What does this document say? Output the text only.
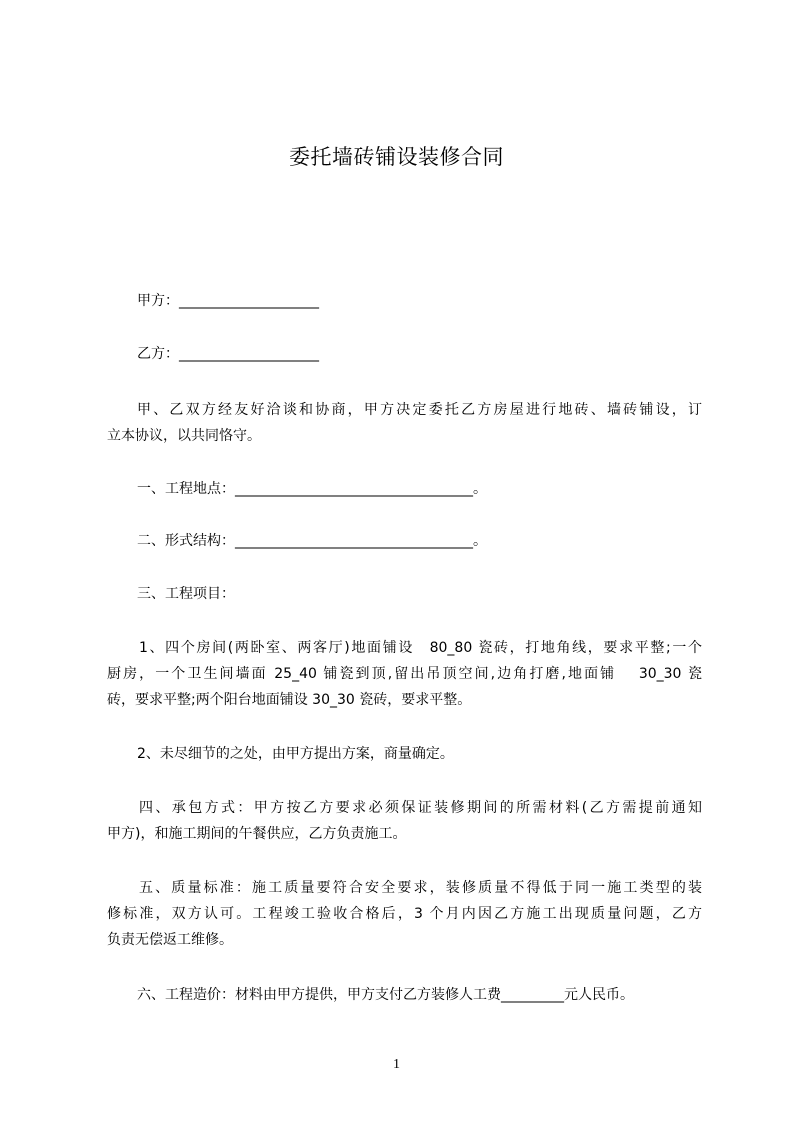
委托墙砖铺设装修合同
甲方：____________________
乙方：____________________
甲、乙双方经友好洽谈和协商，甲方决定委托乙方房屋进行地砖、墙砖铺设，订
立本协议，以共同恪守。
一、工程地点：__________________________________。
二、形式结构：__________________________________。
三、工程项目：
1、四个房间(两卧室、两客厅)地面铺设　80_80 瓷砖，打地角线，要求平整;一个
厨房，一个卫生间墙面 25_40 铺瓷到顶,留出吊顶空间,边角打磨,地面铺　 30_30 瓷
砖，要求平整;两个阳台地面铺设 30_30 瓷砖，要求平整。
2、未尽细节的之处，由甲方提出方案，商量确定。
四、承包方式：甲方按乙方要求必须保证装修期间的所需材料(乙方需提前通知
甲方)，和施工期间的午餐供应，乙方负责施工。
五、质量标准：施工质量要符合安全要求，装修质量不得低于同一施工类型的装
修标准，双方认可。工程竣工验收合格后，3 个月内因乙方施工出现质量问题，乙方
负责无偿返工维修。
六、工程造价：材料由甲方提供，甲方支付乙方装修人工费_________元人民币。
1
